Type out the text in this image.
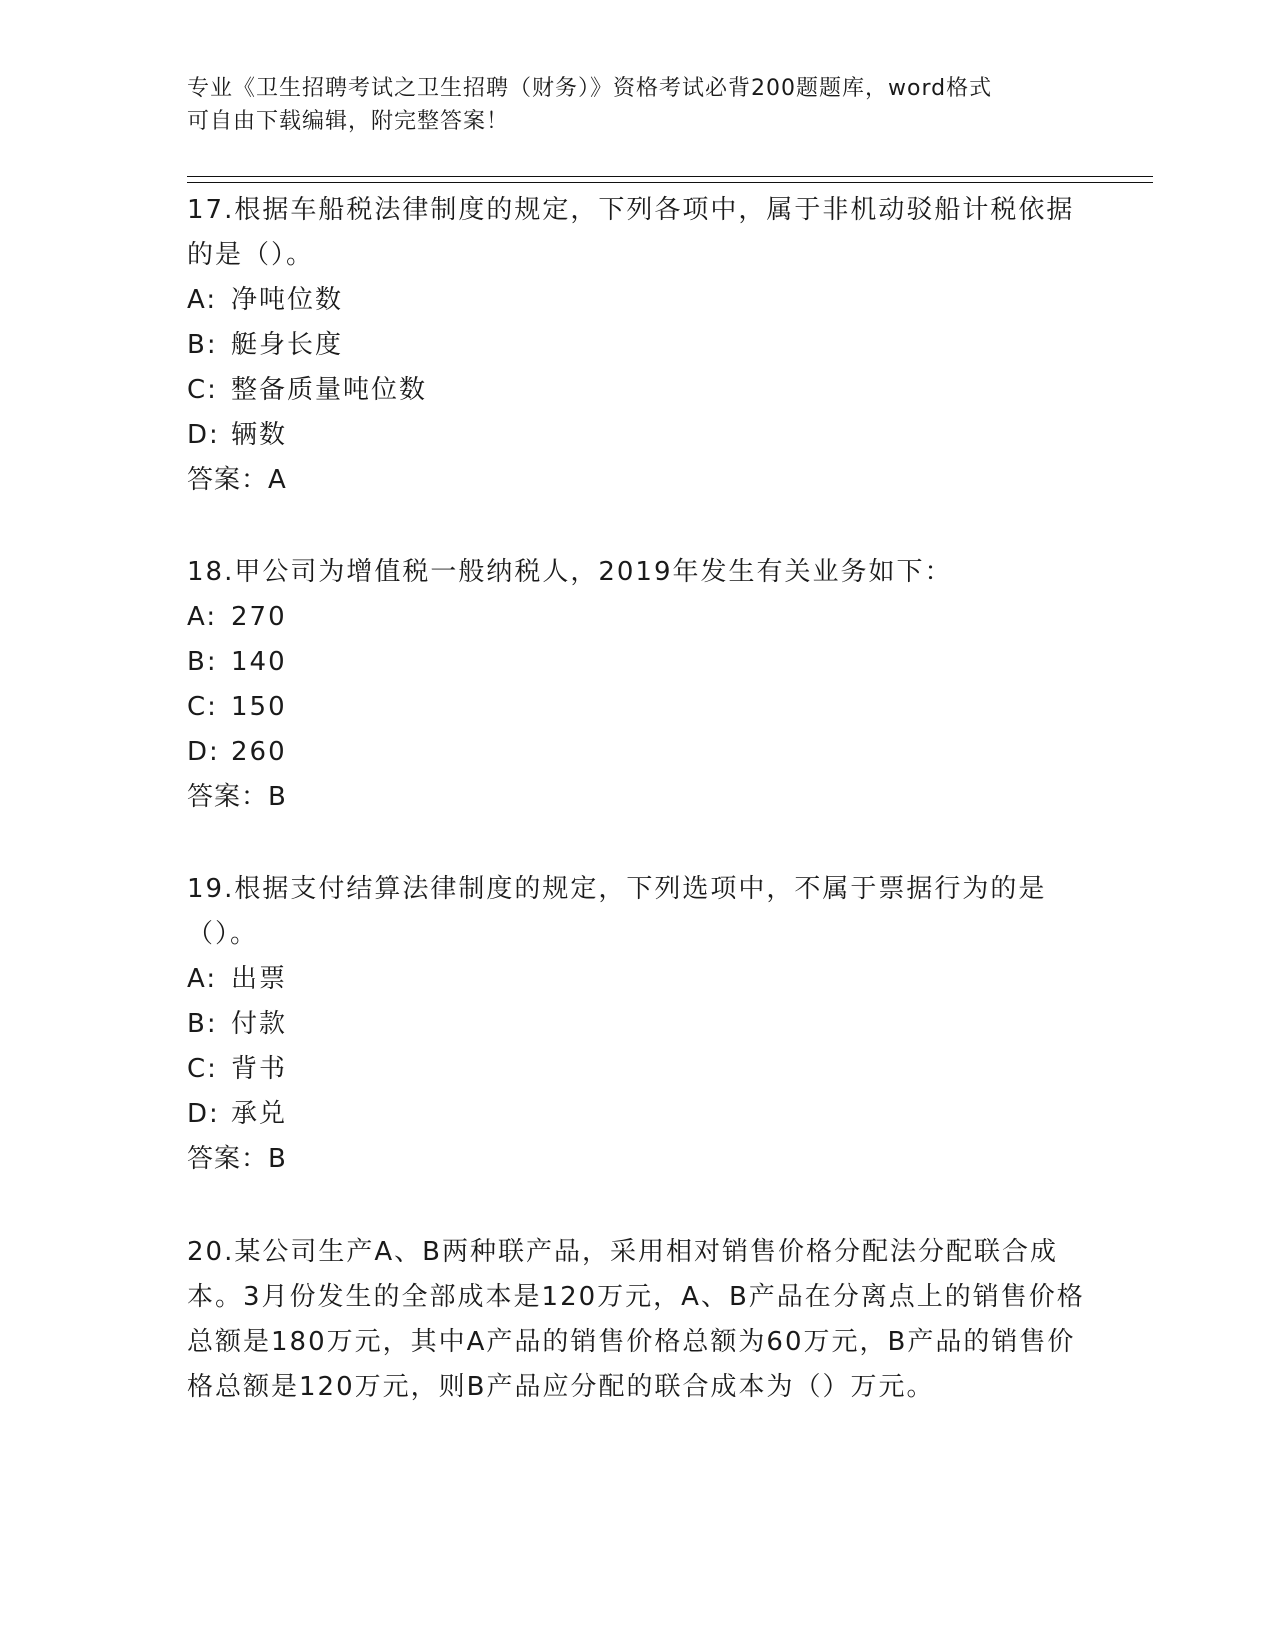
专业《卫生招聘考试之卫生招聘（财务）》资格考试必背200题题库，word格式
可自由下载编辑，附完整答案！

17.根据车船税法律制度的规定，下列各项中，属于非机动驳船计税依据的是（）。

A: 净吨位数

B: 艇身长度

C: 整备质量吨位数

D: 辆数

答案：A

18.甲公司为增值税一般纳税人，2019年发生有关业务如下：

A: 270

B: 140

C: 150

D: 260

答案：B

19.根据支付结算法律制度的规定，下列选项中，不属于票据行为的是（）。

A: 出票

B: 付款

C: 背书

D: 承兑

答案：B

20.某公司生产A、B两种联产品，采用相对销售价格分配法分配联合成本。3月份发生的全部成本是120万元，A、B产品在分离点上的销售价格总额是180万元，其中A产品的销售价格总额为60万元，B产品的销售价格总额是120万元，则B产品应分配的联合成本为（）万元。
